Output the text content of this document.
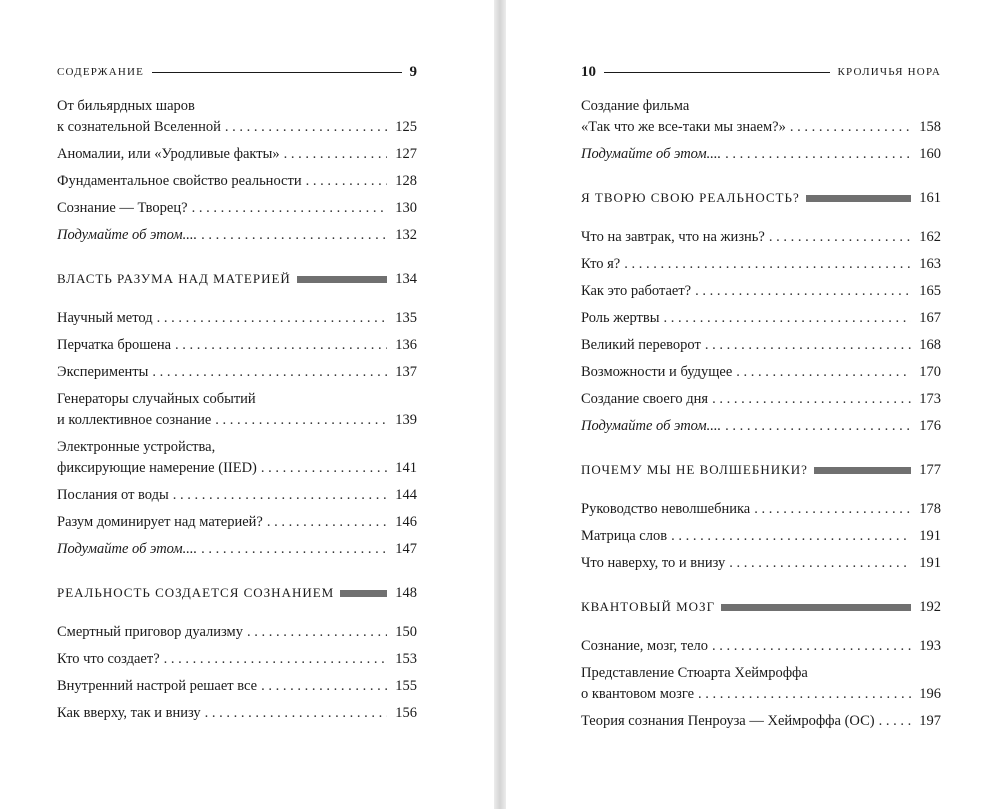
СОДЕРЖАНИЕ	9
От бильярдных шаров
к сознательной Вселенной . . .	125
Аномалии, или «Уродливые факты» . . .	127
Фундаментальное свойство реальности . . .	128
Сознание — Творец? . . .	130
Подумайте об этом.... . . .	132
ВЛАСТЬ РАЗУМА НАД МАТЕРИЕЙ	134
Научный метод . . .	135
Перчатка брошена . . .	136
Эксперименты . . .	137
Генераторы случайных событий
и коллективное сознание . . .	139
Электронные устройства,
фиксирующие намерение (IIED) . . .	141
Послания от воды . . .	144
Разум доминирует над материей? . . .	146
Подумайте об этом.... . . .	147
РЕАЛЬНОСТЬ СОЗДАЕТСЯ СОЗНАНИЕМ	148
Смертный приговор дуализму . . .	150
Кто что создает? . . .	153
Внутренний настрой решает все . . .	155
Как вверху, так и внизу . . .	156
10	КРОЛИЧЬЯ НОРА
Создание фильма
«Так что же все-таки мы знаем?» . . .	158
Подумайте об этом.... . . .	160
Я ТВОРЮ СВОЮ РЕАЛЬНОСТЬ?	161
Что на завтрак, что на жизнь? . . .	162
Кто я? . . .	163
Как это работает? . . .	165
Роль жертвы . . .	167
Великий переворот . . .	168
Возможности и будущее . . .	170
Создание своего дня . . .	173
Подумайте об этом.... . . .	176
ПОЧЕМУ МЫ НЕ ВОЛШЕБНИКИ?	177
Руководство неволшебника . . .	178
Матрица слов . . .	191
Что наверху, то и внизу . . .	191
КВАНТОВЫЙ МОЗГ	192
Сознание, мозг, тело . . .	193
Представление Стюарта Хеймроффа
о квантовом мозге . . .	196
Теория сознания Пенроуза — Хеймроффа (ОС) . . .	197
